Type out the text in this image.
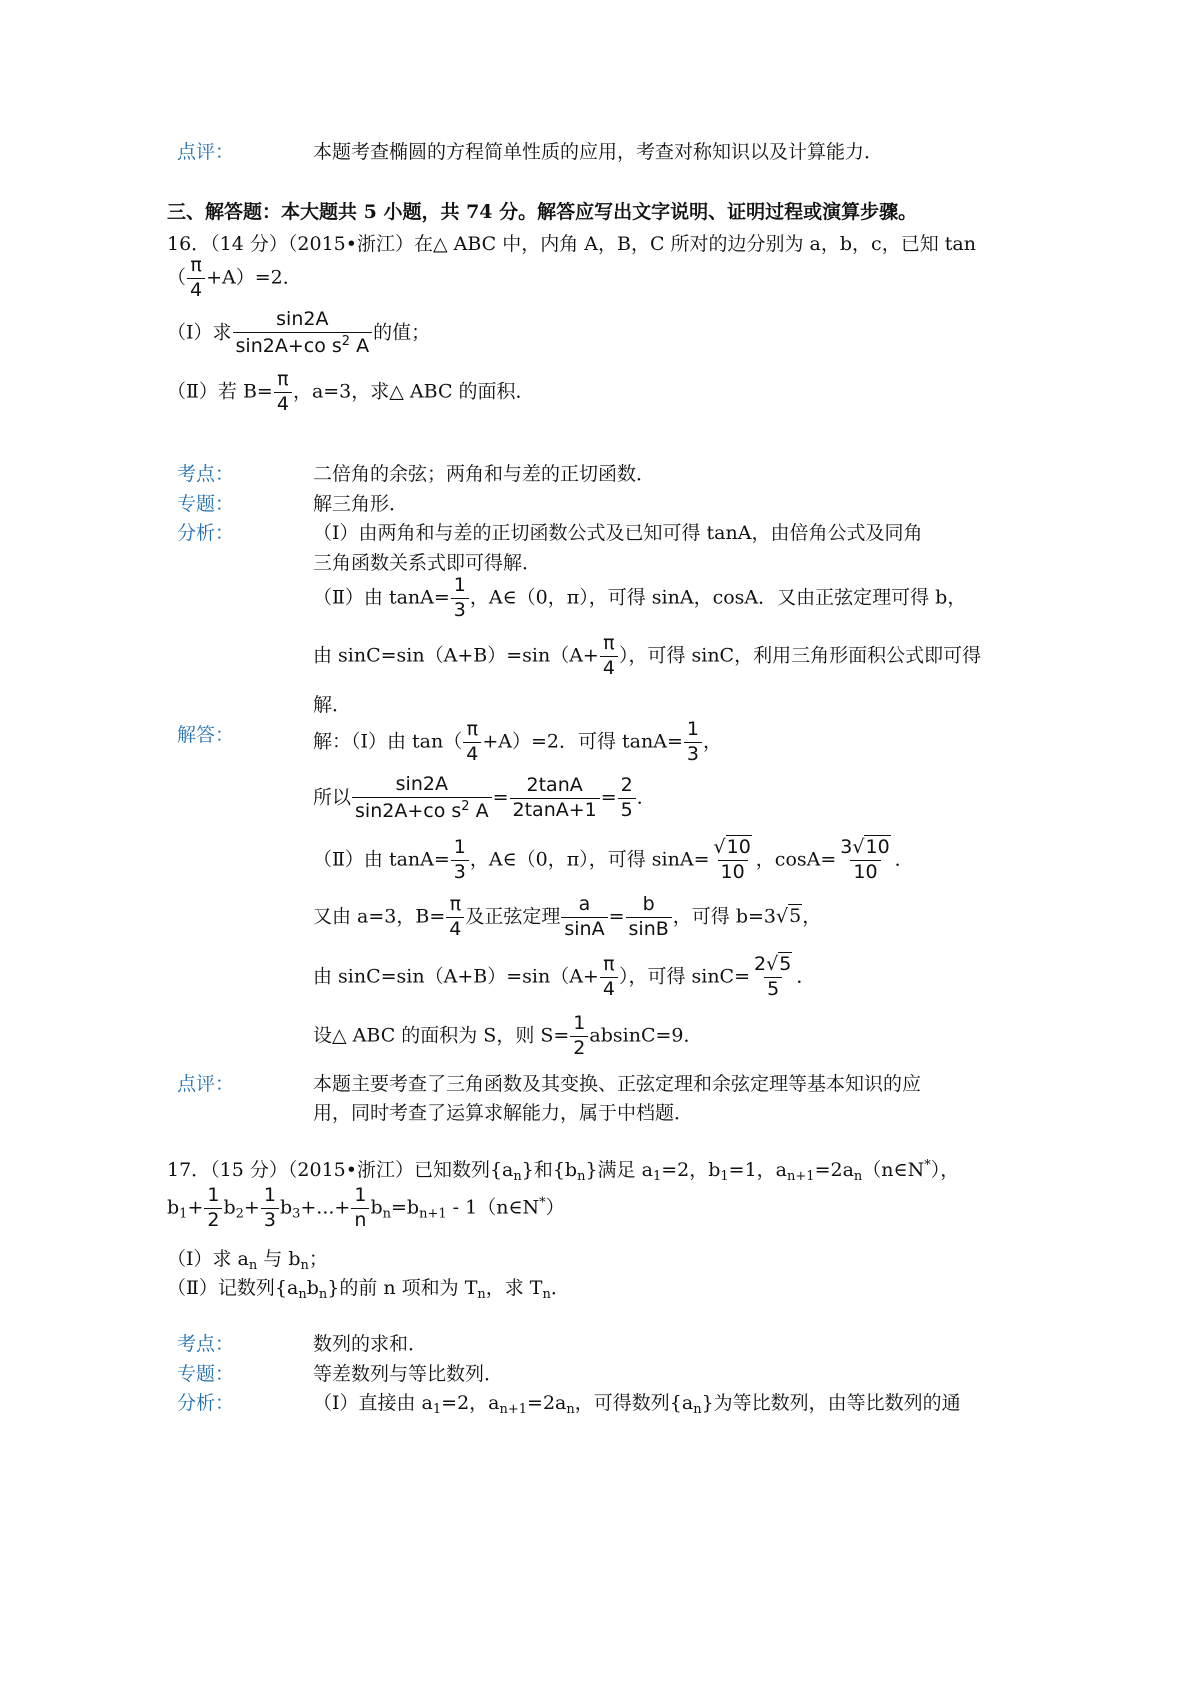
点评：	本题考查椭圆的方程简单性质的应用，考查对称知识以及计算能力．
三、解答题：本大题共 5 小题，共 74 分。解答应写出文字说明、证明过程或演算步骤。
16．（14 分）（2015•浙江）在△ ABC 中，内角 A，B，C 所对的边分别为 a，b，c，已知 tan
（ $\frac{\pi}{4} +A)=2$．
（Ⅰ）求 $\frac{\sin 2A}{\sin 2A+co s^2 A}$ 的值；
（Ⅱ）若 $B= \frac{\pi}{4}$ ，a=3，求△ ABC 的面积．
考点：	二倍角的余弦；两角和与差的正切函数．
专题：	解三角形．
分析：	（Ⅰ）由两角和与差的正切函数公式及已知可得 tanA，由倍角公式及同角
三角函数关系式即可得解．
（Ⅱ）由 $\tan A= \frac{1}{3}$ ，A∈（0，π），可得 sinA，cosA．又由正弦定理可得 b，
由 $\sin C=\sin(A+B)=\sin(A+ \frac{\pi}{4}$ ），可得 sinC，利用三角形面积公式即可得
解．
解答：	解：（Ⅰ）由 $\tan( \frac{\pi}{4} +A)=2$．可得 $\tan A= \frac{1}{3}$ ，
所以 $\frac{\sin 2A}{\sin 2A+co s^2 A} = \frac{2\tan A}{2\tan A+1} = \frac{2}{5}$ ．
（Ⅱ）由 $\tan A= \frac{1}{3}$ ，A∈（0，π），可得 $\sin A= \frac{√10}{10}$ ，$\cos A= \frac{3√10}{10}$ ．
又由 a=3，$B= \frac{\pi}{4}$ 及正弦定理 $\frac{a}{\sin A} = \frac{b}{\sin B}$ ，可得 b=3√5，
由 $\sin C=\sin(A+B)=\sin(A+ \frac{\pi}{4}$ ），可得 $\sin C= \frac{2√5}{5}$ ．
设△ ABC 的面积为 S，则 $S= \frac{1}{2} absinC=9$．
点评：	本题主要考查了三角函数及其变换、正弦定理和余弦定理等基本知识的应
用，同时考查了运算求解能力，属于中档题．
17．（15 分）（2015•浙江）已知数列$\{a_n\}$和$\{b_n\}$满足 $a_1=2$，$b_1=1$，$a_{n+1}=2a_n(n\in N^*)$，
$b_1+ \frac{1}{2} b_2+ \frac{1}{3} b_3+...+ \frac{1}{n} b_n=b_{n+1}$ - 1（n∈N*）
（Ⅰ）求 $a_n$ 与 $b_n$；
（Ⅱ）记数列$\{a_nb_n\}$的前 n 项和为 $T_n$，求 $T_n$．
考点：	数列的求和．
专题：	等差数列与等比数列．
分析：	（Ⅰ）直接由 $a_1=2$，$a_{n+1}=2a_n$，可得数列$\{a_n\}$为等比数列，由等比数列的通
